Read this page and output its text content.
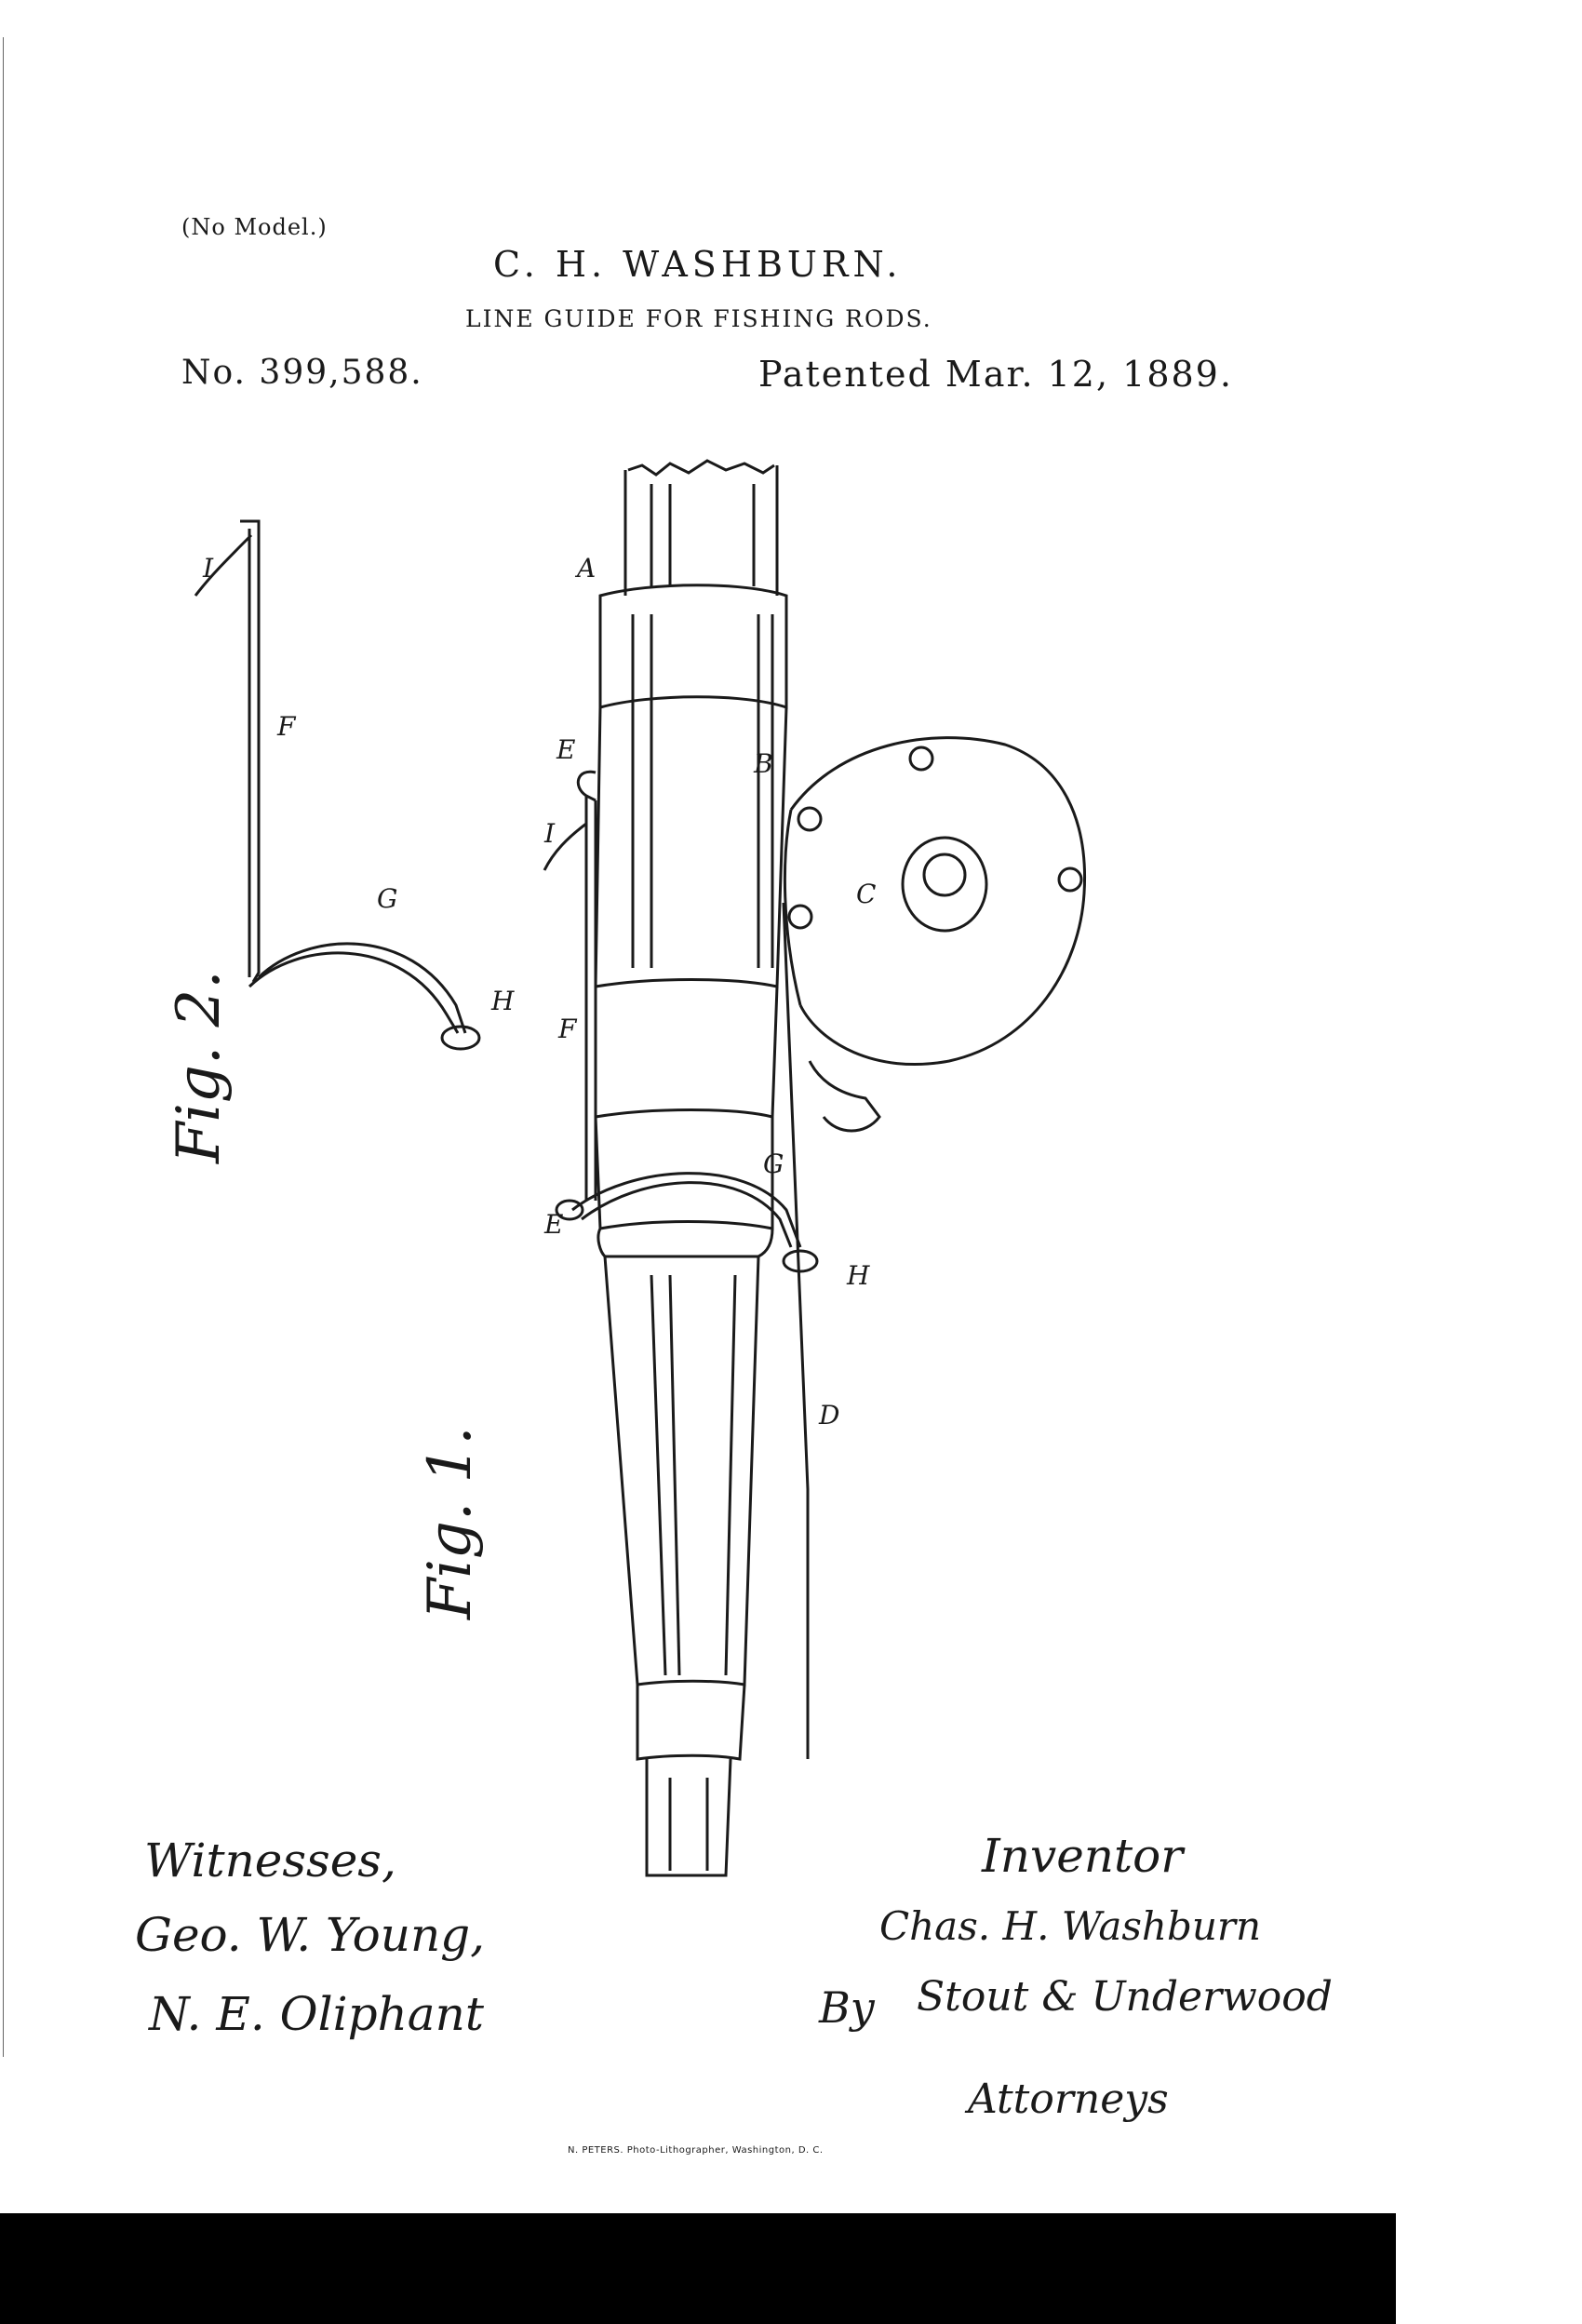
(No Model.)
C. H. WASHBURN.
LINE GUIDE FOR FISHING RODS.
No. 399,588.	Patented Mar. 12, 1889.
A
B
C
D
E
E
F
F
G
G
H
H
I
I
Fig. 2.
Fig. 1.
Witnesses,
Geo. W. Young,
N. E. Oliphant
Inventor
Chas. H. Washburn
By Stout & Underwood
Attorneys
N. PETERS. Photo-Lithographer, Washington, D. C.
